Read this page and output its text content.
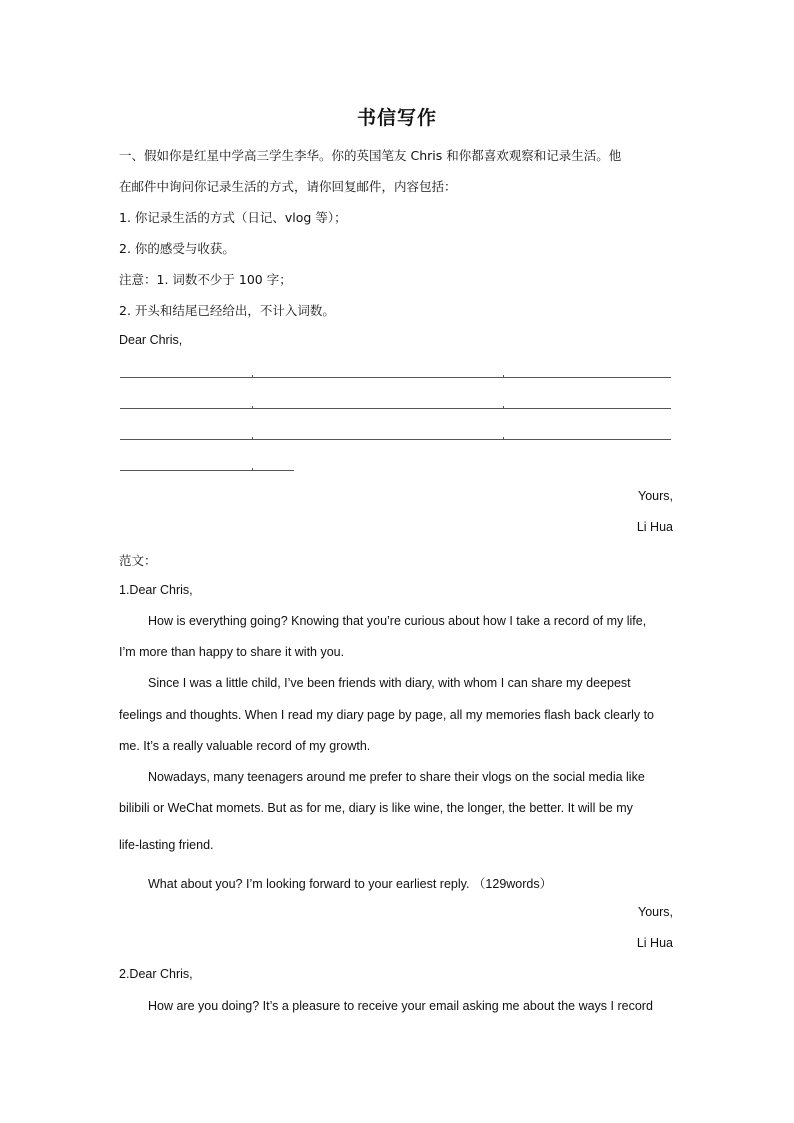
书信写作

一、假如你是红星中学高三学生李华。你的英国笔友 Chris 和你都喜欢观察和记录生活。他

在邮件中询问你记录生活的方式，请你回复邮件，内容包括：

1. 你记录生活的方式（日记、vlog 等）；

2. 你的感受与收获。

注意：1. 词数不少于 100 字；

2. 开头和结尾已经给出，不计入词数。

Dear Chris,

Yours,

Li Hua

范文：

1.Dear Chris,

How is everything going? Knowing that you’re curious about how I take a record of my life,

I’m more than happy to share it with you.

Since I was a little child, I’ve been friends with diary, with whom I can share my deepest

feelings and thoughts. When I read my diary page by page, all my memories flash back clearly to

me. It’s a really valuable record of my growth.

Nowadays, many teenagers around me prefer to share their vlogs on the social media like

bilibili or WeChat momets. But as for me, diary is like wine, the longer, the better. It will be my

life-lasting friend.

What about you? I’m looking forward to your earliest reply. （129words）

Yours,

Li Hua

2.Dear Chris,

How are you doing? It’s a pleasure to receive your email asking me about the ways I record
